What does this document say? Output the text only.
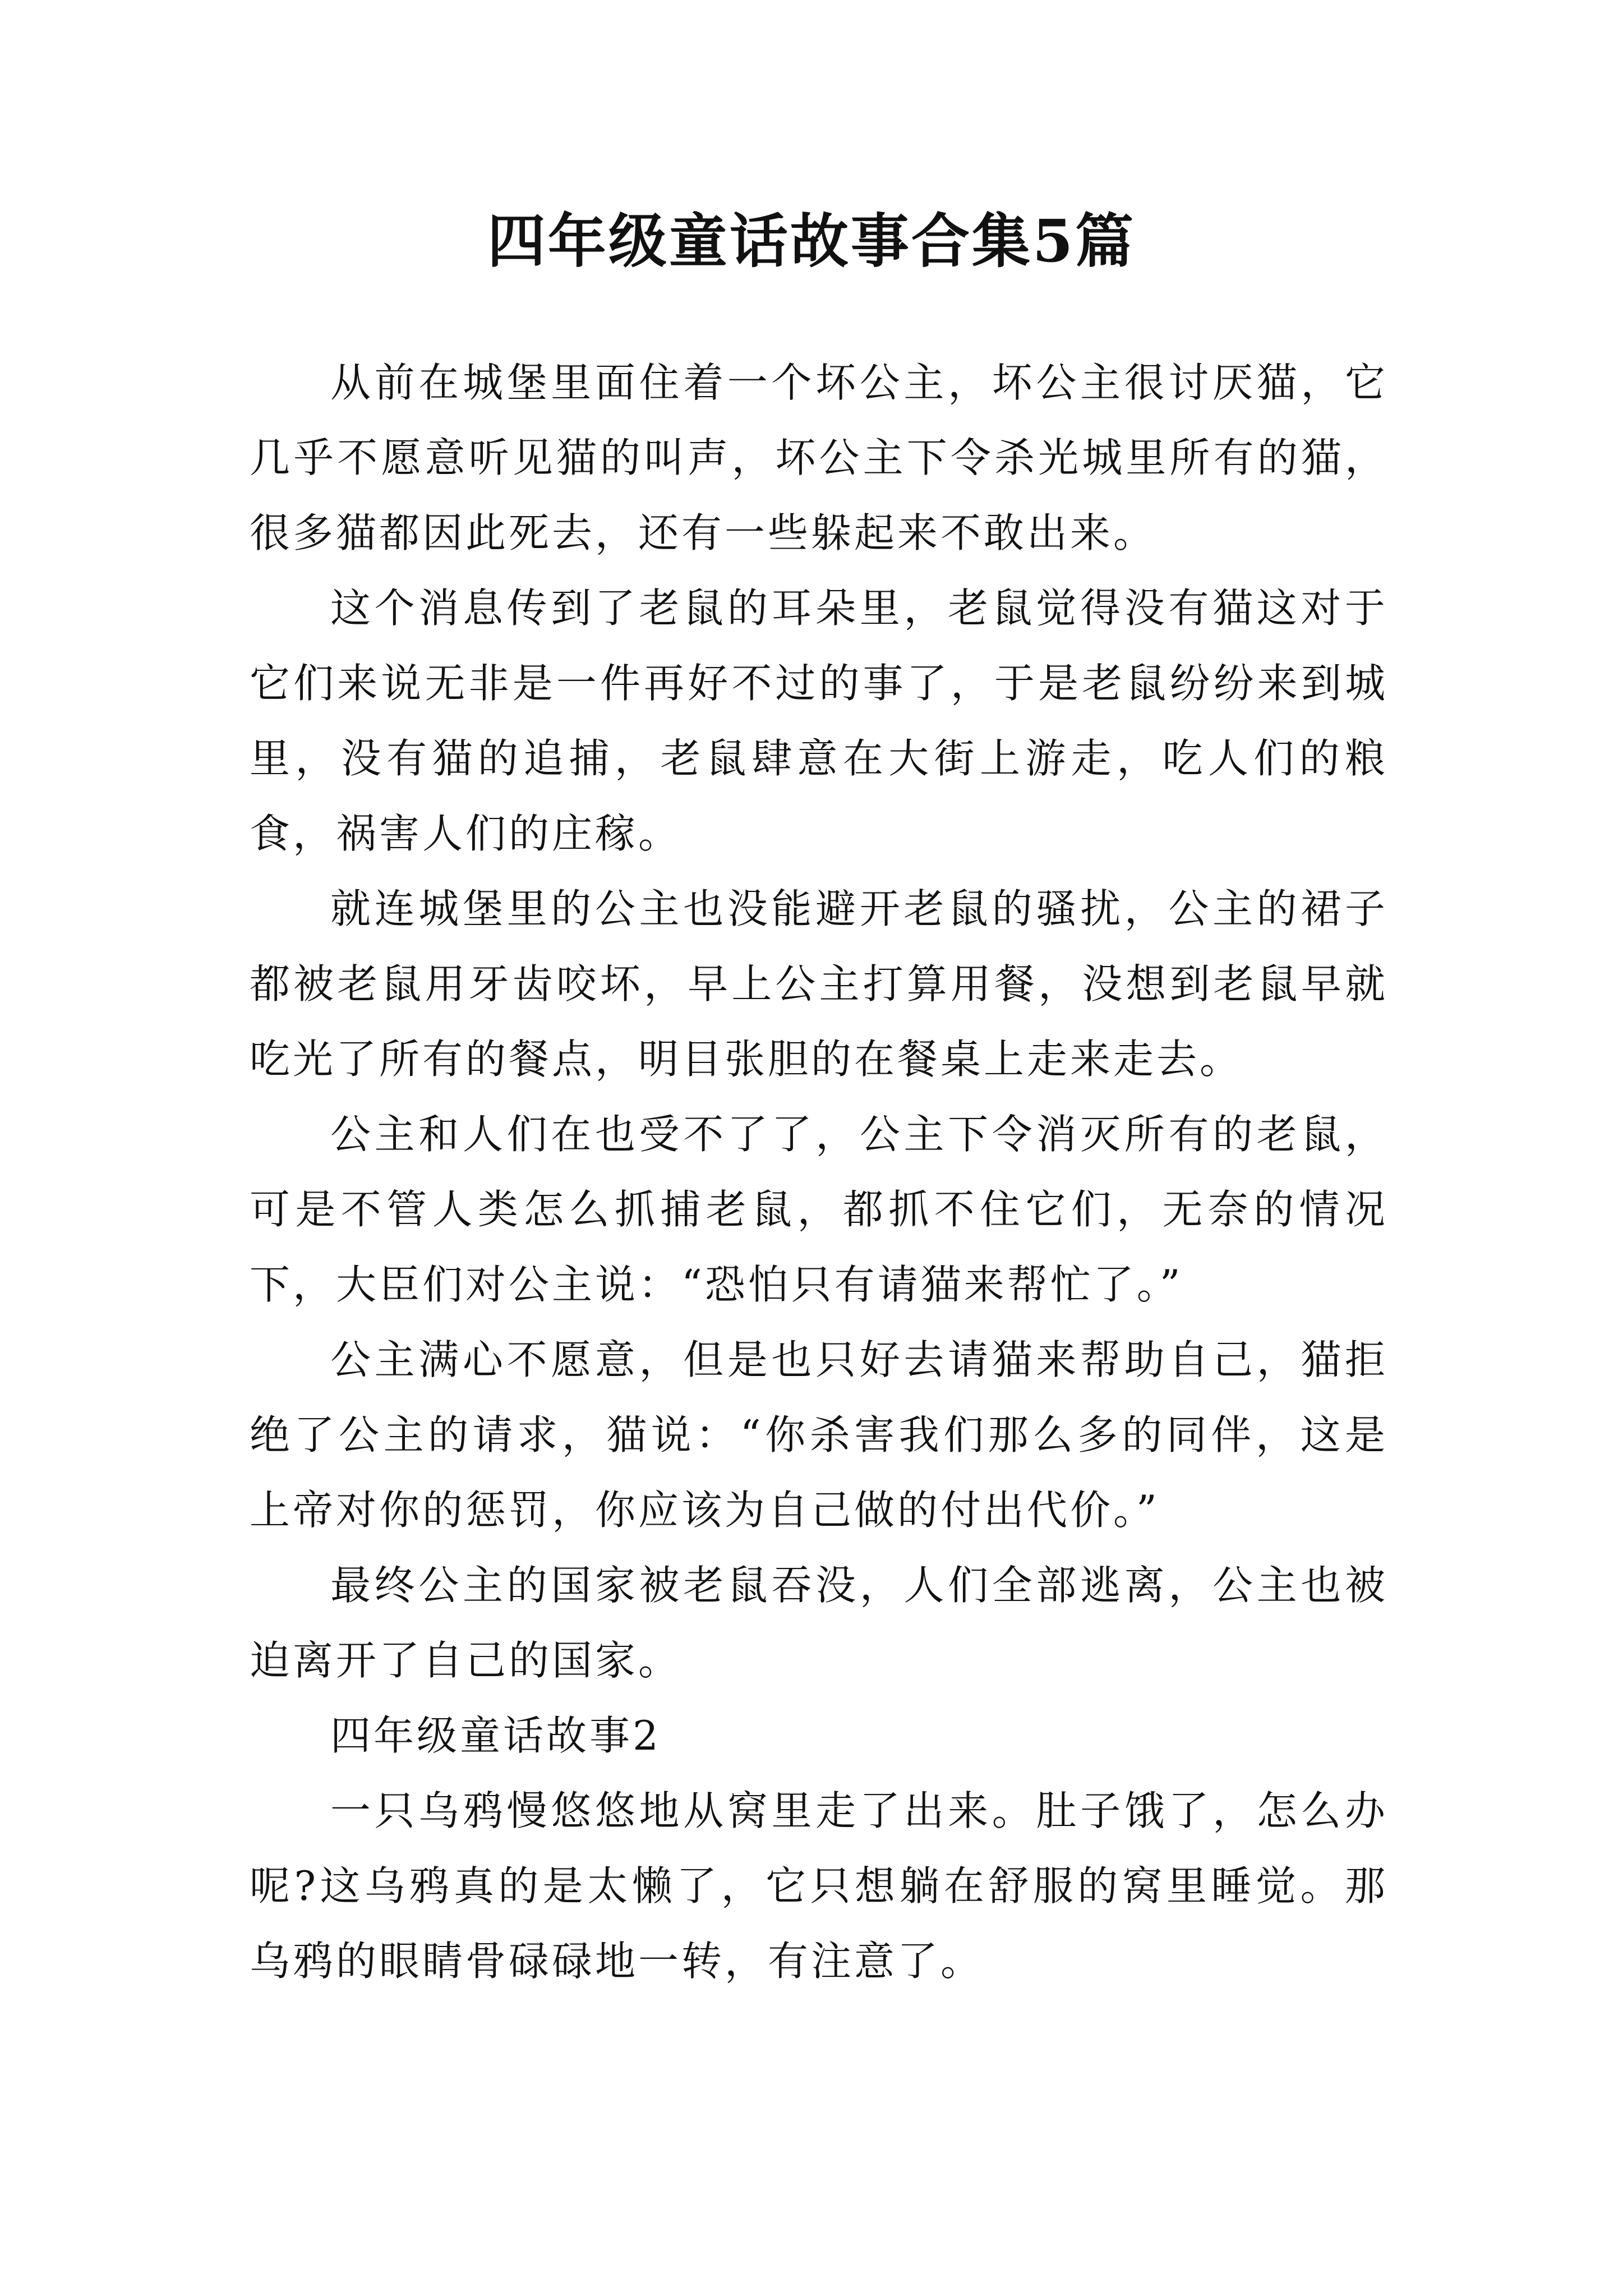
四年级童话故事合集5篇

从前在城堡里面住着一个坏公主，坏公主很讨厌猫，它几乎不愿意听见猫的叫声，坏公主下令杀光城里所有的猫，很多猫都因此死去，还有一些躲起来不敢出来。

这个消息传到了老鼠的耳朵里，老鼠觉得没有猫这对于它们来说无非是一件再好不过的事了，于是老鼠纷纷来到城里，没有猫的追捕，老鼠肆意在大街上游走，吃人们的粮食，祸害人们的庄稼。

就连城堡里的公主也没能避开老鼠的骚扰，公主的裙子都被老鼠用牙齿咬坏，早上公主打算用餐，没想到老鼠早就吃光了所有的餐点，明目张胆的在餐桌上走来走去。

公主和人们在也受不了了，公主下令消灭所有的老鼠，可是不管人类怎么抓捕老鼠，都抓不住它们，无奈的情况下，大臣们对公主说：“恐怕只有请猫来帮忙了。”

公主满心不愿意，但是也只好去请猫来帮助自己，猫拒绝了公主的请求，猫说：“你杀害我们那么多的同伴，这是上帝对你的惩罚，你应该为自己做的付出代价。”

最终公主的国家被老鼠吞没，人们全部逃离，公主也被迫离开了自己的国家。

四年级童话故事2

一只乌鸦慢悠悠地从窝里走了出来。肚子饿了，怎么办呢?这乌鸦真的是太懒了，它只想躺在舒服的窝里睡觉。那乌鸦的眼睛骨碌碌地一转，有注意了。
